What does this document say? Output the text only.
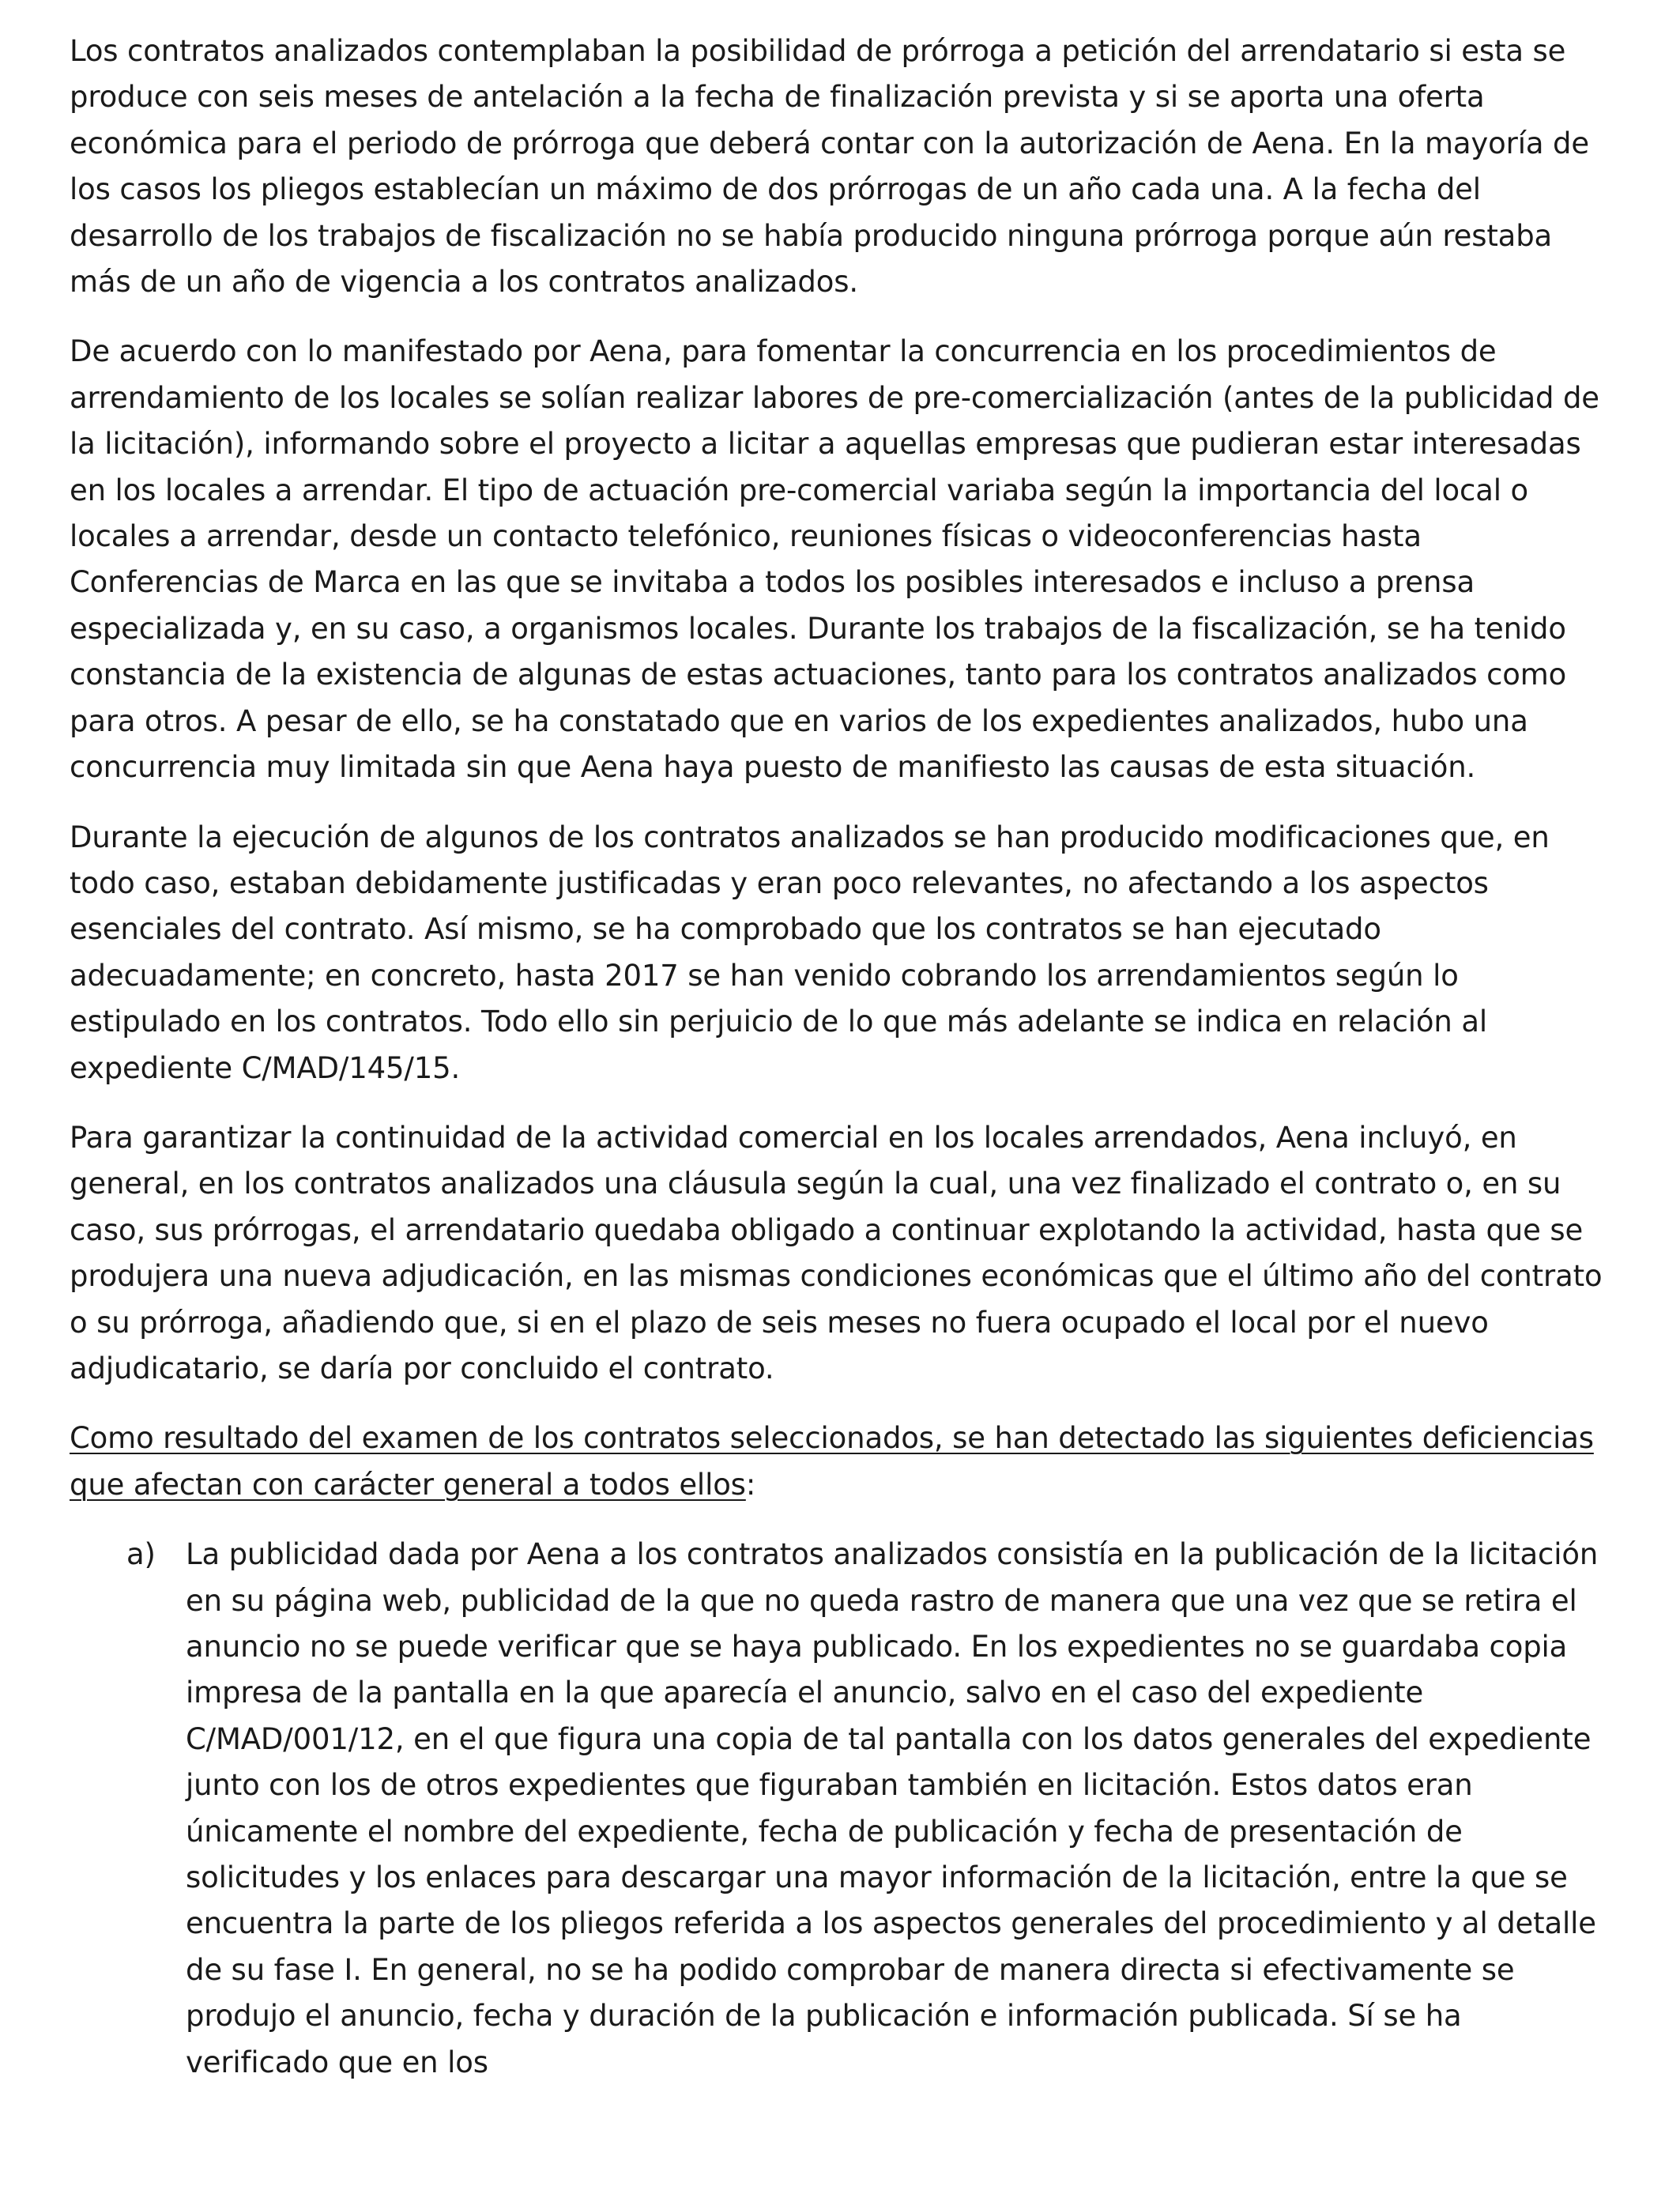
Los contratos analizados contemplaban la posibilidad de prórroga a petición del arrendatario si esta se produce con seis meses de antelación a la fecha de finalización prevista y si se aporta una oferta económica para el periodo de prórroga que deberá contar con la autorización de Aena. En la mayoría de los casos los pliegos establecían un máximo de dos prórrogas de un año cada una. A la fecha del desarrollo de los trabajos de fiscalización no se había producido ninguna prórroga porque aún restaba más de un año de vigencia a los contratos analizados.

De acuerdo con lo manifestado por Aena, para fomentar la concurrencia en los procedimientos de arrendamiento de los locales se solían realizar labores de pre-comercialización (antes de la publicidad de la licitación), informando sobre el proyecto a licitar a aquellas empresas que pudieran estar interesadas en los locales a arrendar. El tipo de actuación pre-comercial variaba según la importancia del local o locales a arrendar, desde un contacto telefónico, reuniones físicas o videoconferencias hasta Conferencias de Marca en las que se invitaba a todos los posibles interesados e incluso a prensa especializada y, en su caso, a organismos locales. Durante los trabajos de la fiscalización, se ha tenido constancia de la existencia de algunas de estas actuaciones, tanto para los contratos analizados como para otros. A pesar de ello, se ha constatado que en varios de los expedientes analizados, hubo una concurrencia muy limitada sin que Aena haya puesto de manifiesto las causas de esta situación.

Durante la ejecución de algunos de los contratos analizados se han producido modificaciones que, en todo caso, estaban debidamente justificadas y eran poco relevantes, no afectando a los aspectos esenciales del contrato. Así mismo, se ha comprobado que los contratos se han ejecutado adecuadamente; en concreto, hasta 2017 se han venido cobrando los arrendamientos según lo estipulado en los contratos. Todo ello sin perjuicio de lo que más adelante se indica en relación al expediente C/MAD/145/15.

Para garantizar la continuidad de la actividad comercial en los locales arrendados, Aena incluyó, en general, en los contratos analizados una cláusula según la cual, una vez finalizado el contrato o, en su caso, sus prórrogas, el arrendatario quedaba obligado a continuar explotando la actividad, hasta que se produjera una nueva adjudicación, en las mismas condiciones económicas que el último año del contrato o su prórroga, añadiendo que, si en el plazo de seis meses no fuera ocupado el local por el nuevo adjudicatario, se daría por concluido el contrato.

Como resultado del examen de los contratos seleccionados, se han detectado las siguientes deficiencias que afectan con carácter general a todos ellos:

a) La publicidad dada por Aena a los contratos analizados consistía en la publicación de la licitación en su página web, publicidad de la que no queda rastro de manera que una vez que se retira el anuncio no se puede verificar que se haya publicado. En los expedientes no se guardaba copia impresa de la pantalla en la que aparecía el anuncio, salvo en el caso del expediente C/MAD/001/12, en el que figura una copia de tal pantalla con los datos generales del expediente junto con los de otros expedientes que figuraban también en licitación. Estos datos eran únicamente el nombre del expediente, fecha de publicación y fecha de presentación de solicitudes y los enlaces para descargar una mayor información de la licitación, entre la que se encuentra la parte de los pliegos referida a los aspectos generales del procedimiento y al detalle de su fase I. En general, no se ha podido comprobar de manera directa si efectivamente se produjo el anuncio, fecha y duración de la publicación e información publicada. Sí se ha verificado que en los
